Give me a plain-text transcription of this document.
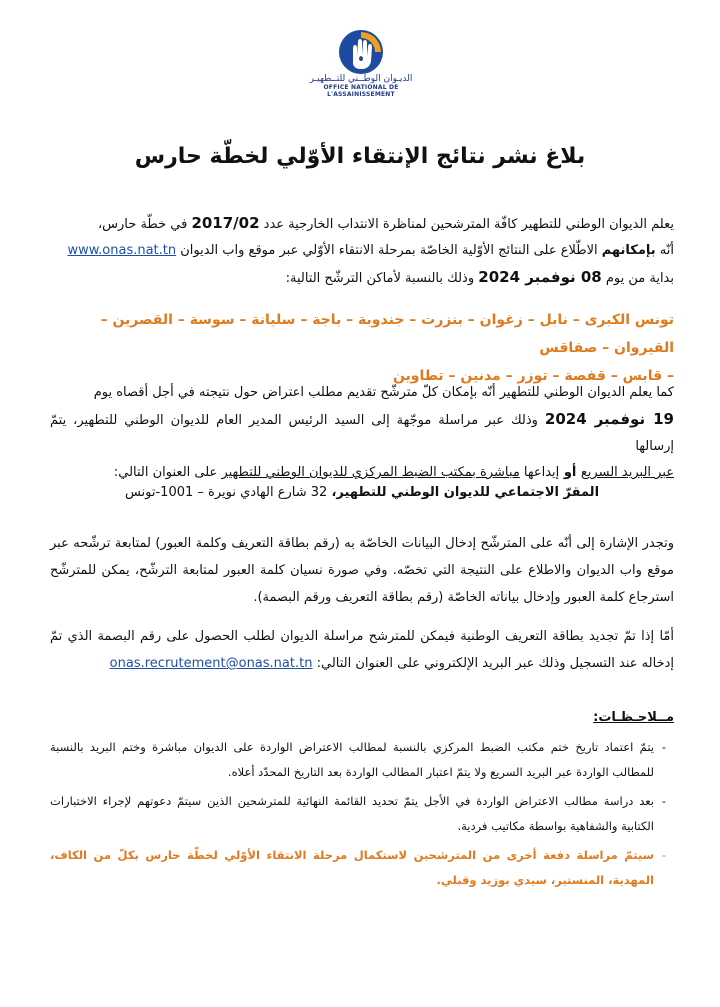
الديـوان الوطــني للتــطهيـر
OFFICE NATIONAL DE L'ASSAINISSEMENT
بلاغ نشر نتائج الإنتقاء الأوّلي لخطّة حارس
يعلم الديوان الوطني للتطهير كافّة المترشحين لمناظرة الانتداب الخارجية عدد 2017/02 في خطّة حارس،
أنّه بإمكانهم الاطّلاع على النتائج الأوّلية الخاصّة بمرحلة الانتقاء الأوّلي عبر موقع واب الديوان www.onas.nat.tn
بداية من يوم 08 نوفمبر 2024 وذلك بالنسبة لأماكن الترشّح التالية:
تونس الكبرى – نابل – زغوان – بنزرت – جندوبة – باجة – سليانة – سوسة – القصرين – القيروان – صفاقس
– قابس – قفصة – توزر – مدنين – تطاوين
كما يعلم الديوان الوطني للتطهير أنّه بإمكان كلّ مترشّح تقديم مطلب اعتراض حول نتيجته في أجل أقصاه يوم
19 نوفمبر 2024 وذلك عبر مراسلة موجّهة إلى السيد الرئيس المدير العام للديوان الوطني للتطهير، يتمّ إرسالها
عبر البريد السريع أو إيداعها مباشرة بمكتب الضبط المركزي للديوان الوطني للتطهير على العنوان التالي:
المقرّ الاجتماعي للديوان الوطني للتطهير، 32 شارع الهادي نويرة – 1001-تونس
وتجدر الإشارة إلى أنّه على المترشّح إدخال البيانات الخاصّة به (رقم بطاقة التعريف وكلمة العبور) لمتابعة ترشّحه عبر موقع واب الديوان والاطلاع على النتيجة التي تخصّه. وفي صورة نسيان كلمة العبور لمتابعة الترشّح، يمكن للمترشّح استرجاع كلمة العبور وإدخال بياناته الخاصّة (رقم بطاقة التعريف ورقم البصمة).
أمّا إذا تمّ تجديد بطاقة التعريف الوطنية فيمكن للمترشح مراسلة الديوان لطلب الحصول على رقم البصمة الذي تمّ إدخاله عند التسجيل وذلك عبر البريد الإلكتروني على العنوان التالي: onas.recrutement@onas.nat.tn
مــلاحـظـات:
-
يتمّ اعتماد تاريخ ختم مكتب الضبط المركزي بالنسبة لمطالب الاعتراض الواردة على الديوان مباشرة وختم البريد بالنسبة للمطالب الواردة عبر البريد السريع ولا يتمّ اعتبار المطالب الواردة بعد التاريخ المحدّد أعلاه.
-
بعد دراسة مطالب الاعتراض الواردة في الأجل يتمّ تحديد القائمة النهائية للمترشحين الذين سيتمّ دعوتهم لإجراء الاختبارات الكتابية والشفاهية بواسطة مكاتيب فردية.
-
سيتمّ مراسلة دفعة أخرى من المترشحين لاستكمال مرحلة الانتقاء الأوّلي لخطّة حارس بكلّ من الكاف، المهدية، المنستير، سيدي بوزيد وقبلي.
